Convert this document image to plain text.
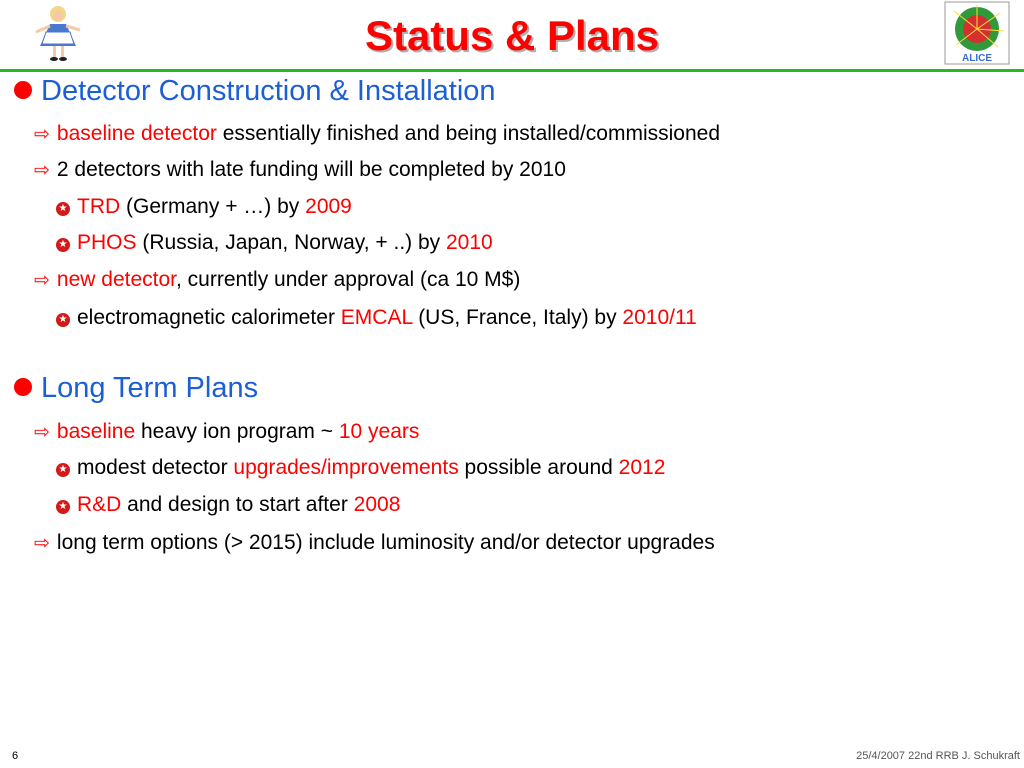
Status & Plans	ALICE
Detector Construction & Installation
⇨ baseline detector essentially finished and being installed/commissioned
⇨ 2 detectors with late funding will be completed by 2010
★ TRD (Germany + …) by 2009
★ PHOS (Russia, Japan, Norway, + ..) by 2010
⇨ new detector, currently under approval (ca 10 M$)
★ electromagnetic calorimeter EMCAL (US, France, Italy) by 2010/11
Long Term Plans
⇨ baseline heavy ion program ~ 10 years
★ modest detector upgrades/improvements possible around 2012
★ R&D and design to start after 2008
⇨ long term options (> 2015) include luminosity and/or detector upgrades
6	25/4/2007 22nd RRB J. Schukraft
